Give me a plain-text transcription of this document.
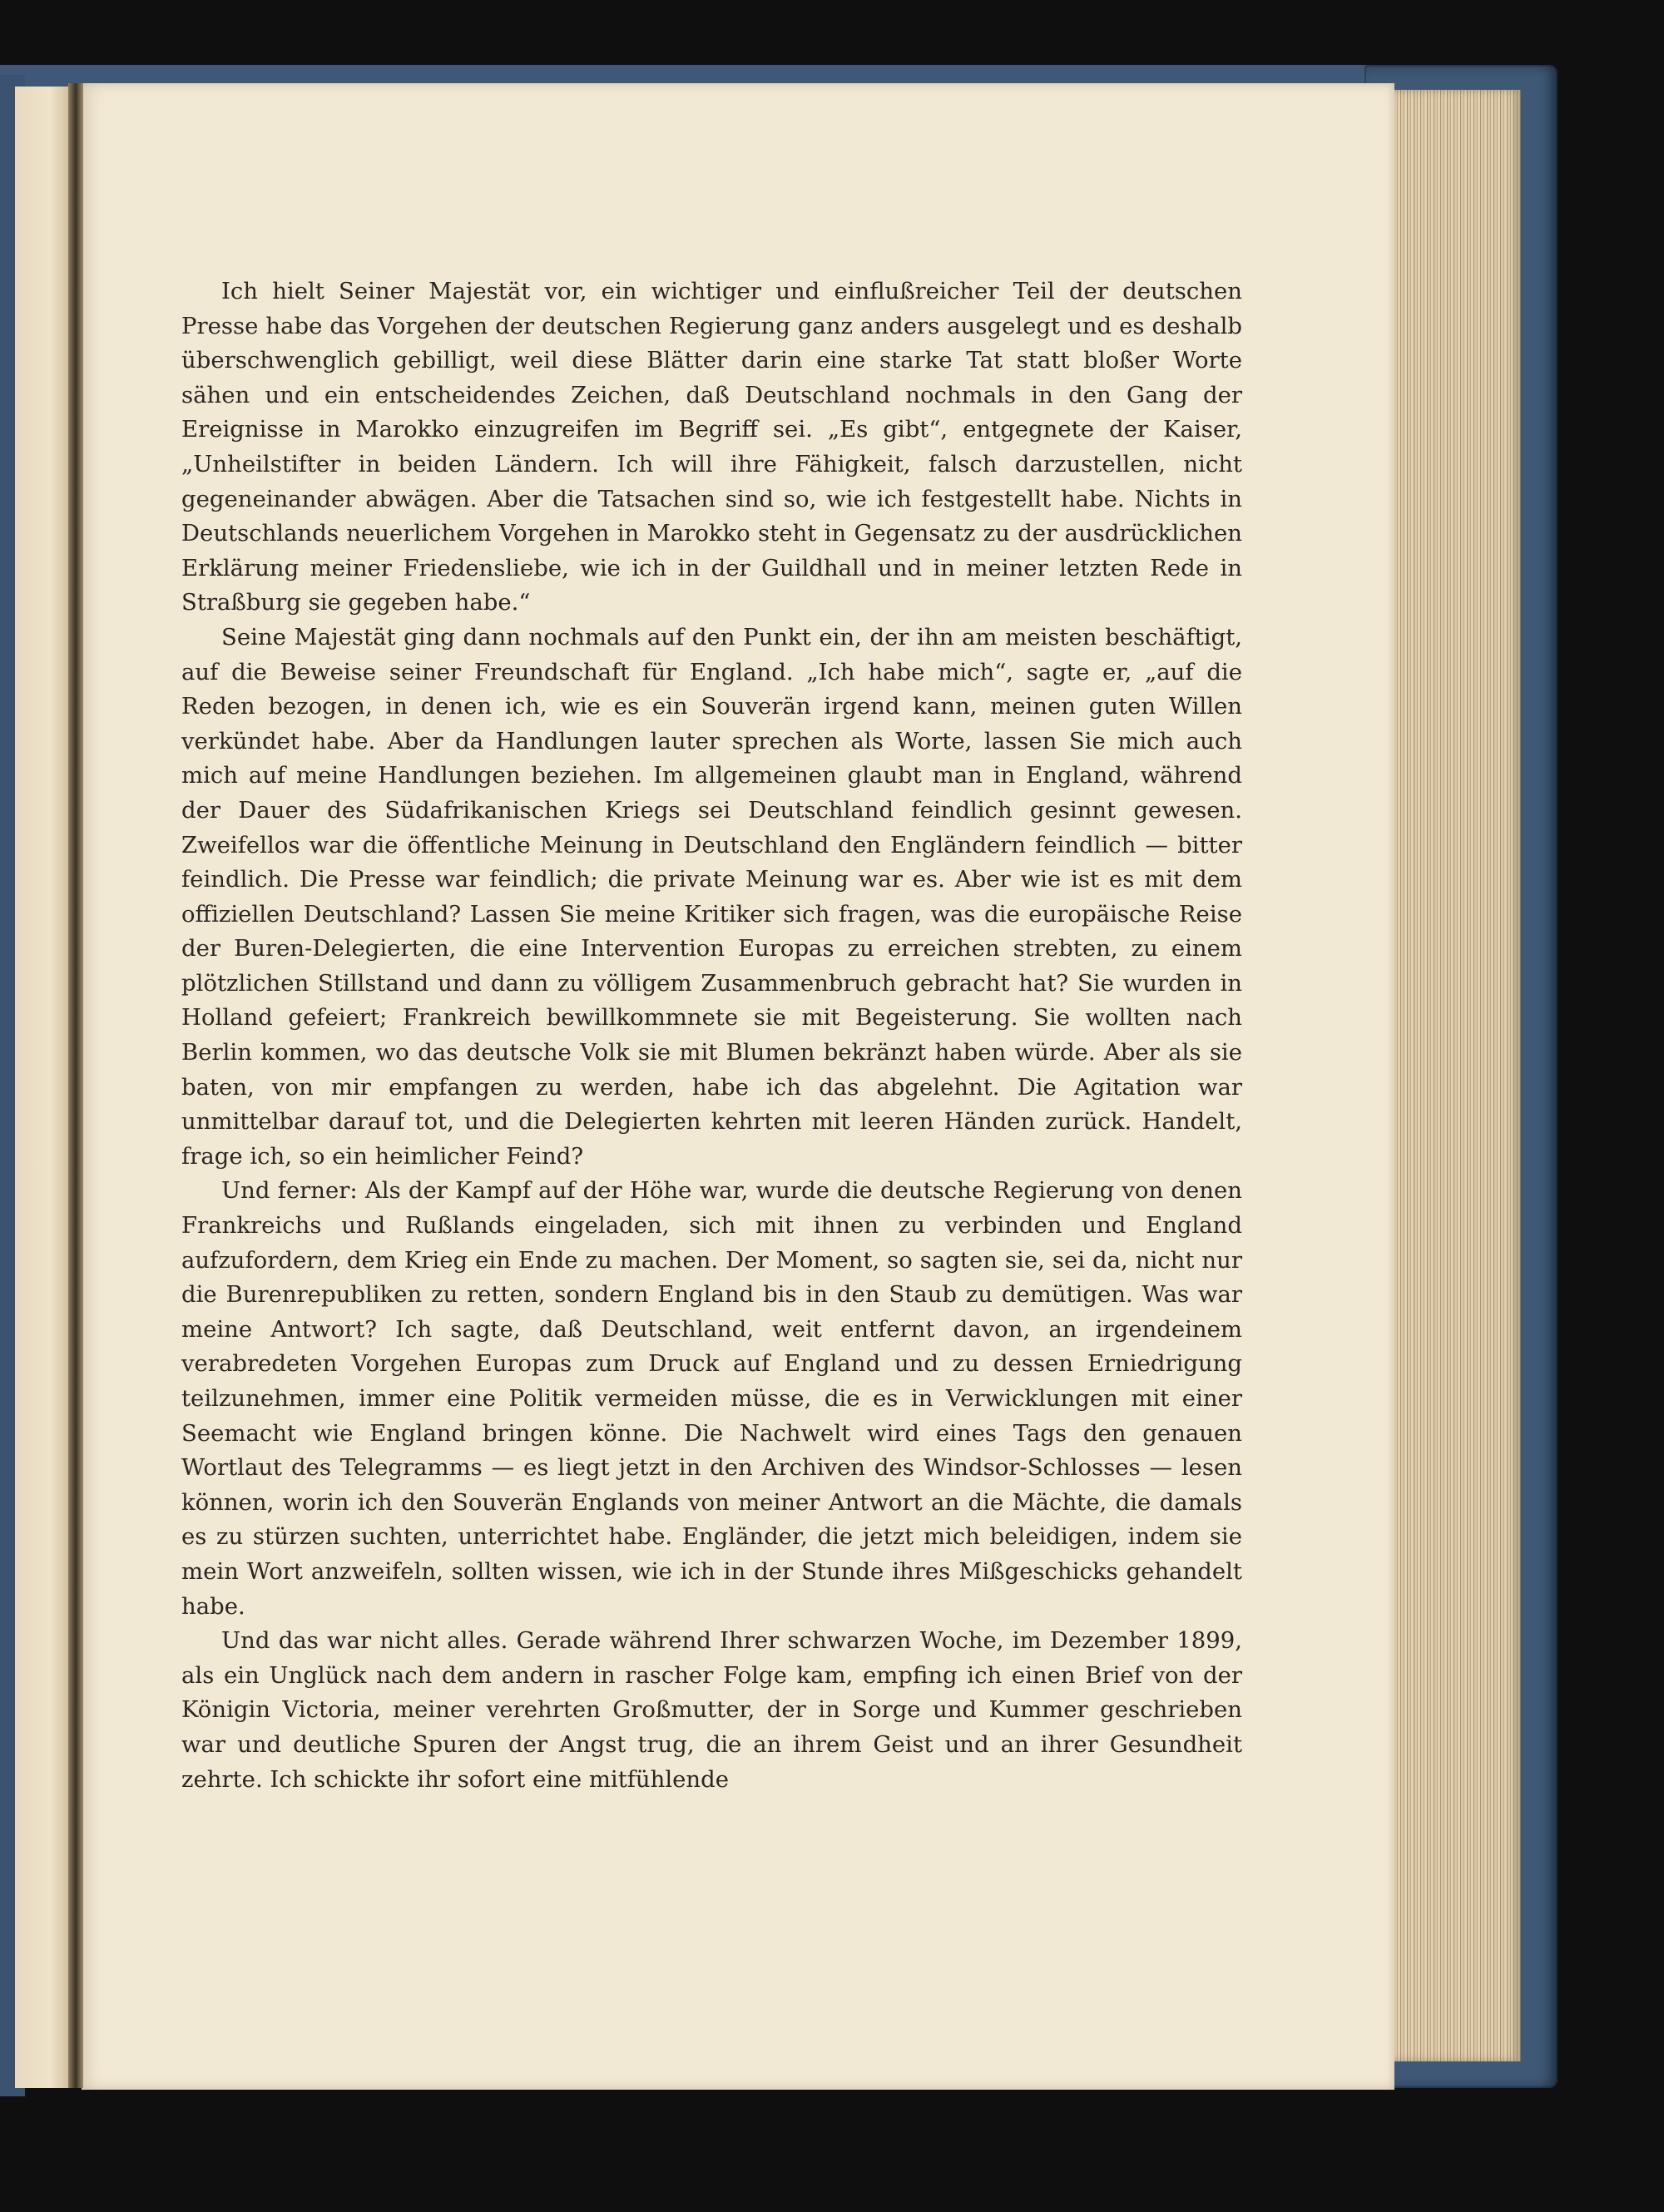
Ich hielt Seiner Majestät vor, ein wichtiger und einflußreicher Teil der deutschen Presse habe das Vorgehen der deutschen Regierung ganz anders ausgelegt und es deshalb überschwenglich gebilligt, weil diese Blätter darin eine starke Tat statt bloßer Worte sähen und ein entscheidendes Zeichen, daß Deutschland nochmals in den Gang der Ereignisse in Marokko einzugreifen im Begriff sei. „Es gibt“, entgegnete der Kaiser, „Unheilstifter in beiden Ländern. Ich will ihre Fähigkeit, falsch darzustellen, nicht gegeneinander abwägen. Aber die Tatsachen sind so, wie ich festgestellt habe. Nichts in Deutschlands neuerlichem Vorgehen in Marokko steht in Gegensatz zu der ausdrücklichen Erklärung meiner Friedensliebe, wie ich in der Guildhall und in meiner letzten Rede in Straßburg sie gegeben habe.“

Seine Majestät ging dann nochmals auf den Punkt ein, der ihn am meisten beschäftigt, auf die Beweise seiner Freundschaft für England. „Ich habe mich“, sagte er, „auf die Reden bezogen, in denen ich, wie es ein Souverän irgend kann, meinen guten Willen verkündet habe. Aber da Handlungen lauter sprechen als Worte, lassen Sie mich auch mich auf meine Handlungen beziehen. Im allgemeinen glaubt man in England, während der Dauer des Südafrikanischen Kriegs sei Deutschland feindlich gesinnt gewesen. Zweifellos war die öffentliche Meinung in Deutschland den Engländern feindlich — bitter feindlich. Die Presse war feindlich; die private Meinung war es. Aber wie ist es mit dem offiziellen Deutschland? Lassen Sie meine Kritiker sich fragen, was die europäische Reise der Buren-Delegierten, die eine Intervention Europas zu erreichen strebten, zu einem plötzlichen Stillstand und dann zu völligem Zusammenbruch gebracht hat? Sie wurden in Holland gefeiert; Frankreich bewillkommnete sie mit Begeisterung. Sie wollten nach Berlin kommen, wo das deutsche Volk sie mit Blumen bekränzt haben würde. Aber als sie baten, von mir empfangen zu werden, habe ich das abgelehnt. Die Agitation war unmittelbar darauf tot, und die Delegierten kehrten mit leeren Händen zurück. Handelt, frage ich, so ein heimlicher Feind?

Und ferner: Als der Kampf auf der Höhe war, wurde die deutsche Regierung von denen Frankreichs und Rußlands eingeladen, sich mit ihnen zu verbinden und England aufzufordern, dem Krieg ein Ende zu machen. Der Moment, so sagten sie, sei da, nicht nur die Burenrepubliken zu retten, sondern England bis in den Staub zu demütigen. Was war meine Antwort? Ich sagte, daß Deutschland, weit entfernt davon, an irgendeinem verabredeten Vorgehen Europas zum Druck auf England und zu dessen Erniedrigung teilzunehmen, immer eine Politik vermeiden müsse, die es in Verwicklungen mit einer Seemacht wie England bringen könne. Die Nachwelt wird eines Tags den genauen Wortlaut des Telegramms — es liegt jetzt in den Archiven des Windsor-Schlosses — lesen können, worin ich den Souverän Englands von meiner Antwort an die Mächte, die damals es zu stürzen suchten, unterrichtet habe. Engländer, die jetzt mich beleidigen, indem sie mein Wort anzweifeln, sollten wissen, wie ich in der Stunde ihres Mißgeschicks gehandelt habe.

Und das war nicht alles. Gerade während Ihrer schwarzen Woche, im Dezember 1899, als ein Unglück nach dem andern in rascher Folge kam, empfing ich einen Brief von der Königin Victoria, meiner verehrten Großmutter, der in Sorge und Kummer geschrieben war und deutliche Spuren der Angst trug, die an ihrem Geist und an ihrer Gesundheit zehrte. Ich schickte ihr sofort eine mitfühlende
